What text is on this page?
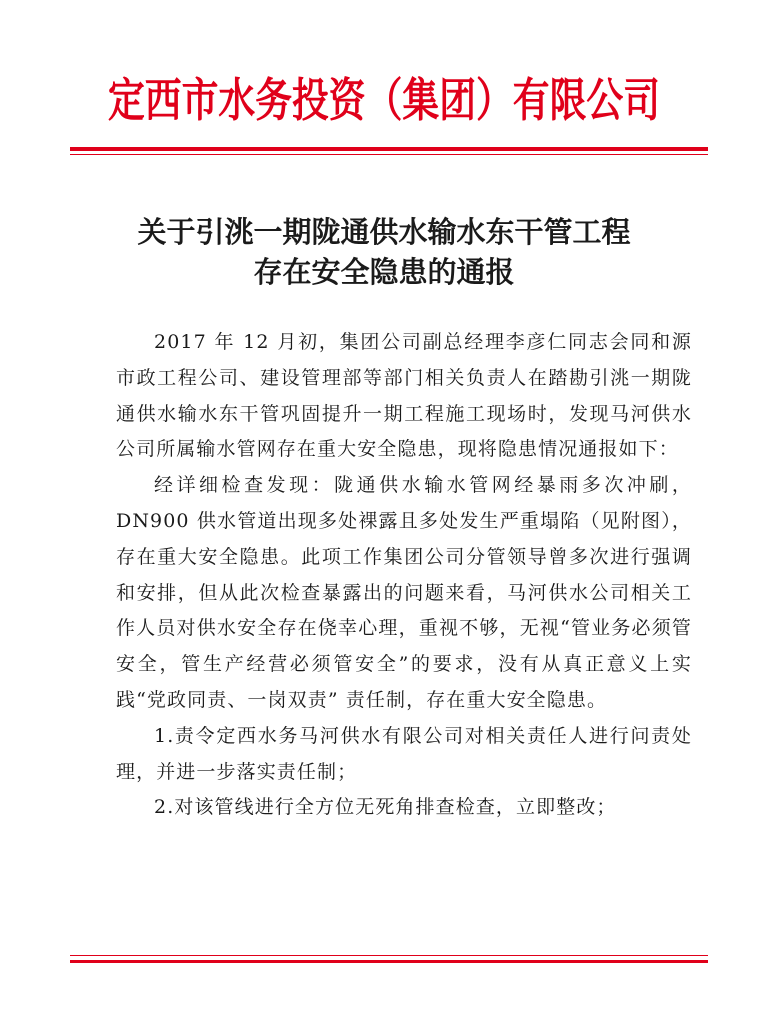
定西市水务投资（集团）有限公司
关于引洮一期陇通供水输水东干管工程
存在安全隐患的通报

2017 年 12 月初，集团公司副总经理李彦仁同志会同和源市政工程公司、建设管理部等部门相关负责人在踏勘引洮一期陇通供水输水东干管巩固提升一期工程施工现场时，发现马河供水公司所属输水管网存在重大安全隐患，现将隐患情况通报如下：

经详细检查发现：陇通供水输水管网经暴雨多次冲刷，DN900 供水管道出现多处裸露且多处发生严重塌陷（见附图），存在重大安全隐患。此项工作集团公司分管领导曾多次进行强调和安排，但从此次检查暴露出的问题来看，马河供水公司相关工作人员对供水安全存在侥幸心理，重视不够，无视“管业务必须管安全，管生产经营必须管安全”的要求，没有从真正意义上实践“党政同责、一岗双责” 责任制，存在重大安全隐患。

1.责令定西水务马河供水有限公司对相关责任人进行问责处理，并进一步落实责任制；

2.对该管线进行全方位无死角排查检查，立即整改；
